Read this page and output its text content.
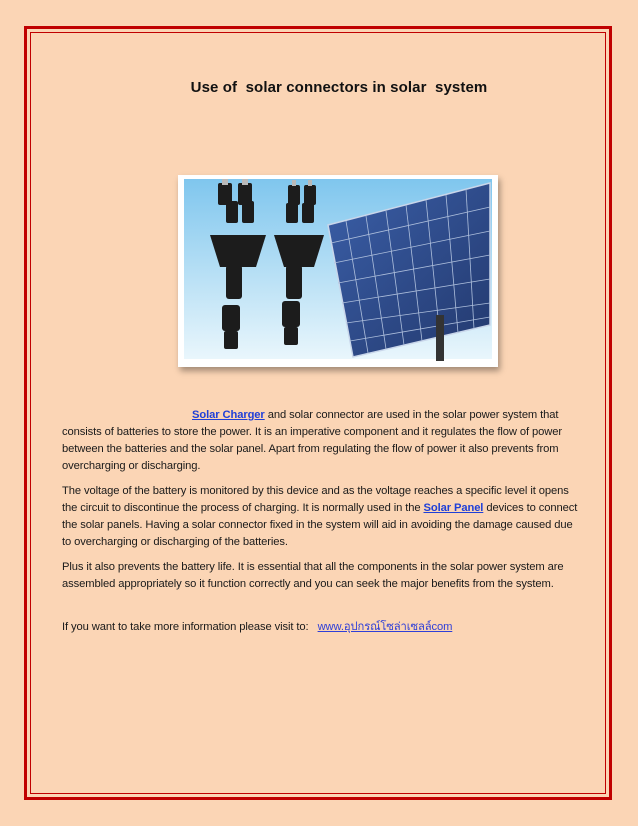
Use of  solar connectors in solar  system

Solar Charger and solar connector are used in the solar power system that consists of batteries to store the power. It is an imperative component and it regulates the flow of power between the batteries and the solar panel. Apart from regulating the flow of power it also prevents from overcharging or discharging.

The voltage of the battery is monitored by this device and as the voltage reaches a specific level it opens the circuit to discontinue the process of charging. It is normally used in the Solar Panel devices to connect the solar panels. Having a solar connector fixed in the system will aid in avoiding the damage caused due to overcharging or discharging of the batteries.

Plus it also prevents the battery life. It is essential that all the components in the solar power system are assembled appropriately so it function correctly and you can seek the major benefits from the system.

If you want to take more information please visit to:   www.อุปกรณ์โซล่าเซลล์com
